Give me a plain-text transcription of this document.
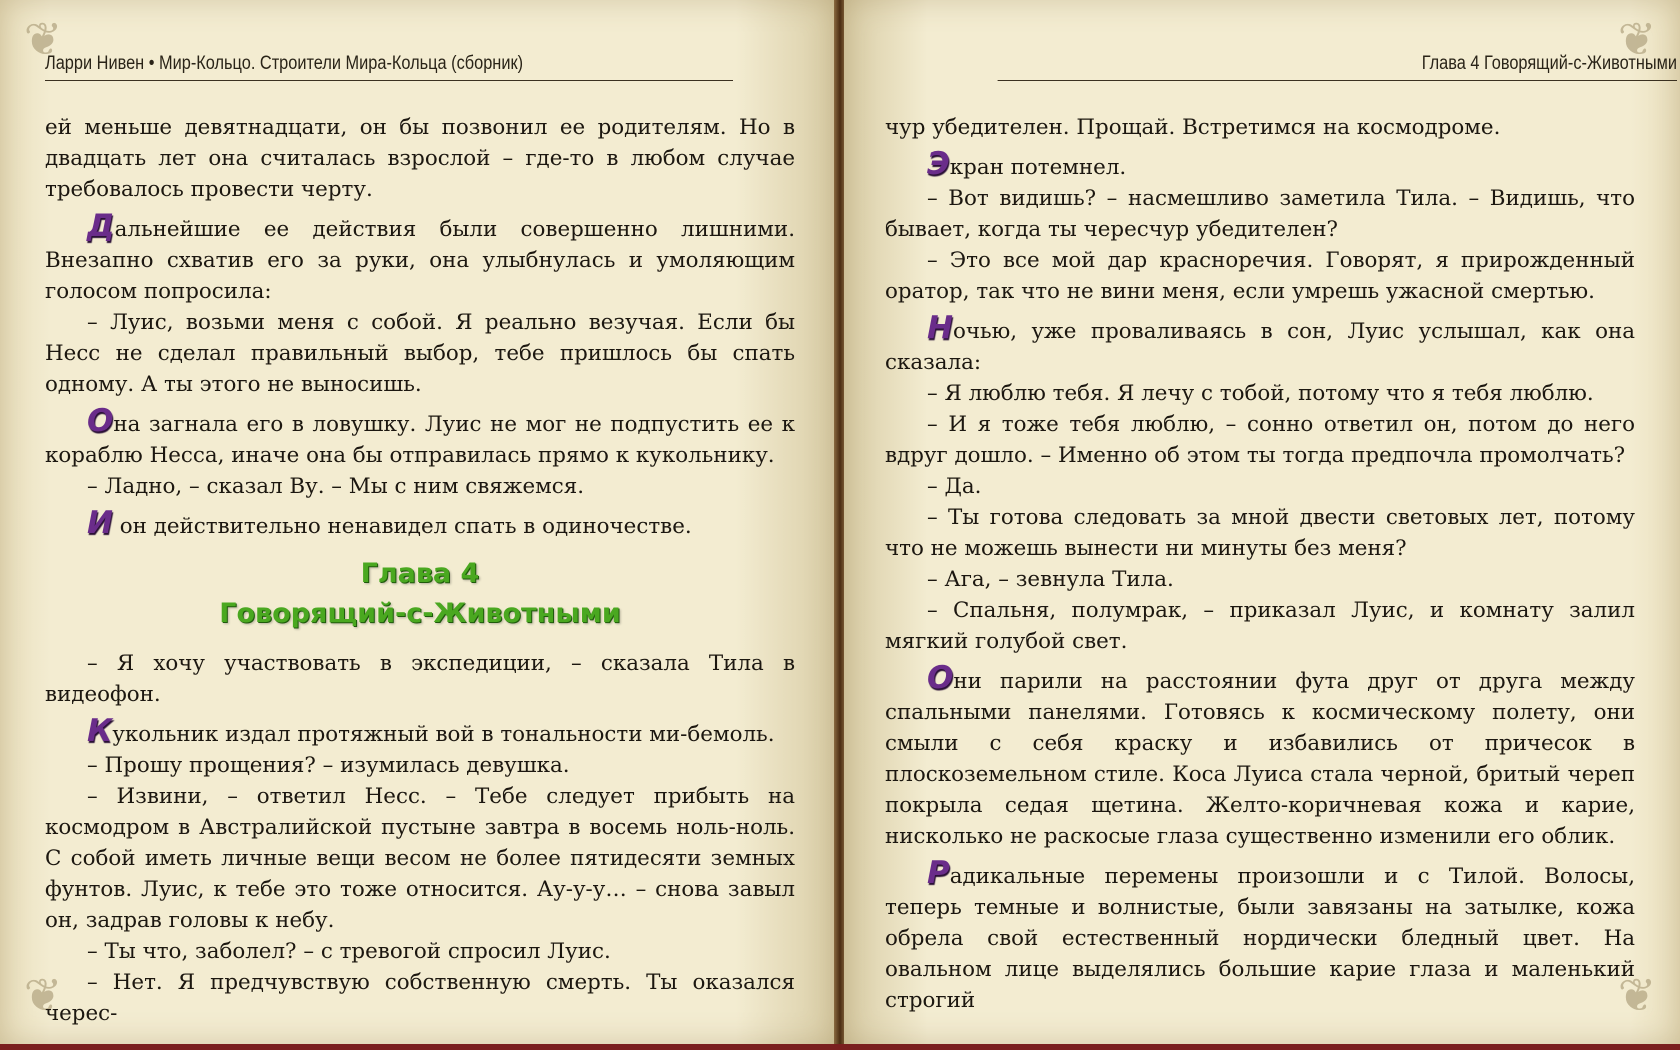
❦
❦
Ларри Нивен • Мир-Кольцо. Строители Мира-Кольца (сборник)

ей меньше девятнадцати, он бы позвонил ее родителям. Но в двадцать лет она считалась взрослой – где-то в любом случае требовалось провести черту.

Дальнейшие ее действия были совершенно лишними. Внезапно схватив его за руки, она улыбнулась и умоляющим голосом попросила:

– Луис, возьми меня с собой. Я реально везучая. Если бы Несс не сделал правильный выбор, тебе пришлось бы спать одному. А ты этого не выносишь.

Она загнала его в ловушку. Луис не мог не подпустить ее к кораблю Несса, иначе она бы отправилась прямо к кукольнику.

– Ладно, – сказал Ву. – Мы с ним свяжемся.

И он действительно ненавидел спать в одиночестве.

Глава 4
Говорящий-с-Животными

– Я хочу участвовать в экспедиции, – сказала Тила в видеофон.

Кукольник издал протяжный вой в тональности ми-бемоль.

– Прошу прощения? – изумилась девушка.

– Извини, – ответил Несс. – Тебе следует прибыть на космодром в Австралийской пустыне завтра в восемь ноль-ноль. С собой иметь личные вещи весом не более пятидесяти земных фунтов. Луис, к тебе это тоже относится. Ау-у-у… – снова завыл он, задрав головы к небу.

– Ты что, заболел? – с тревогой спросил Луис.

– Нет. Я предчувствую собственную смерть. Ты оказался черес-

❦
❦
Глава 4 Говорящий-с-Животными

чур убедителен. Прощай. Встретимся на космодроме.

Экран потемнел.

– Вот видишь? – насмешливо заметила Тила. – Видишь, что бывает, когда ты чересчур убедителен?

– Это все мой дар красноречия. Говорят, я прирожденный оратор, так что не вини меня, если умрешь ужасной смертью.

Ночью, уже проваливаясь в сон, Луис услышал, как она сказала:

– Я люблю тебя. Я лечу с тобой, потому что я тебя люблю.

– И я тоже тебя люблю, – сонно ответил он, потом до него вдруг дошло. – Именно об этом ты тогда предпочла промолчать?

– Да.

– Ты готова следовать за мной двести световых лет, потому что не можешь вынести ни минуты без меня?

– Ага, – зевнула Тила.

– Спальня, полумрак, – приказал Луис, и комнату залил мягкий голубой свет.

Они парили на расстоянии фута друг от друга между спальными панелями. Готовясь к космическому полету, они смыли с себя краску и избавились от причесок в плоскоземельном стиле. Коса Луиса стала черной, бритый череп покрыла седая щетина. Желто-коричневая кожа и карие, нисколько не раскосые глаза существенно изменили его облик.

Радикальные перемены произошли и с Тилой. Волосы, теперь темные и волнистые, были завязаны на затылке, кожа обрела свой естественный нордически бледный цвет. На овальном лице выделялись большие карие глаза и маленький строгий
